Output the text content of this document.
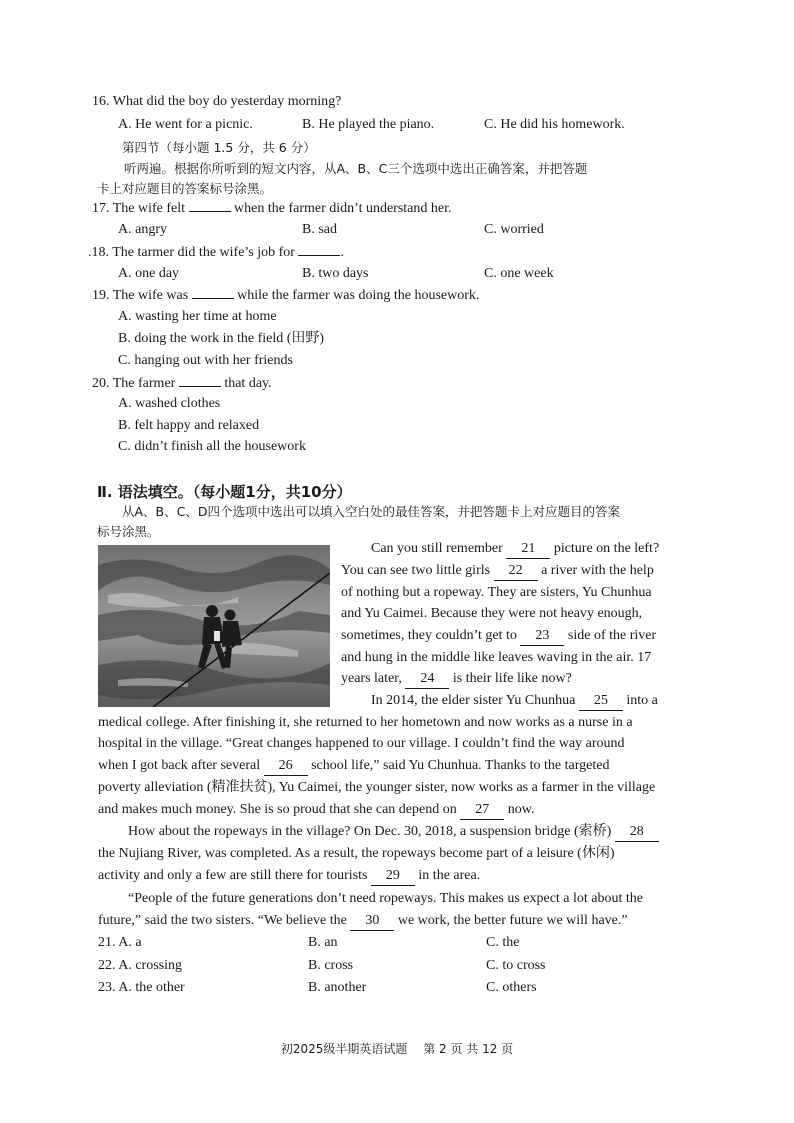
16. What did the boy do yesterday morning?
A. He went for a picnic.	B. He played the piano.	C. He did his homework.
第四节（每小题 1.5 分，共 6 分）
听两遍。根据你所听到的短文内容，从A、B、C三个选项中选出正确答案，并把答题
卡上对应题目的答案标号涂黑。
17. The wife felt	when the farmer didn’t understand her.
A. angry	B. sad	C. worried
.18. The tarmer did the wife’s job for	.
A. one day	B. two days	C. one week
19. The wife was	while the farmer was doing the housework.
A. wasting her time at home
B. doing the work in the field (田野)
C. hanging out with her friends
20. The farmer	that day.
A. washed clothes
B. felt happy and relaxed
C. didn’t finish all the housework
Ⅱ. 语法填空。（每小题1分，共10分）
从A、B、C、D四个选项中选出可以填入空白处的最佳答案，并把答题卡上对应题目的答案
标号涂黑。
Can you still remember 21 picture on the left?
You can see two little girls 22 a river with the help
of nothing but a ropeway. They are sisters, Yu Chunhua
and Yu Caimei. Because they were not heavy enough,
sometimes, they couldn’t get to 23 side of the river
and hung in the middle like leaves waving in the air. 17
years later, 24 is their life like now?
In 2014, the elder sister Yu Chunhua 25 into a
medical college. After finishing it, she returned to her hometown and now works as a nurse in a
hospital in the village. “Great changes happened to our village. I couldn’t find the way around
when I got back after several 26 school life,” said Yu Chunhua. Thanks to the targeted
poverty alleviation (精准扶贫), Yu Caimei, the younger sister, now works as a farmer in the village
and makes much money. She is so proud that she can depend on 27 now.
How about the ropeways in the village? On Dec. 30, 2018, a suspension bridge (索桥) 28
the Nujiang River, was completed. As a result, the ropeways become part of a leisure (休闲)
activity and only a few are still there for tourists 29 in the area.
“People of the future generations don’t need ropeways. This makes us expect a lot about the
future,” said the two sisters. “We believe the 30 we work, the better future we will have.”
21. A. a	B. an	C. the
22. A. crossing	B. cross	C. to cross
23. A. the other	B. another	C. others
初2025级半期英语试题 第 2 页 共 12 页
